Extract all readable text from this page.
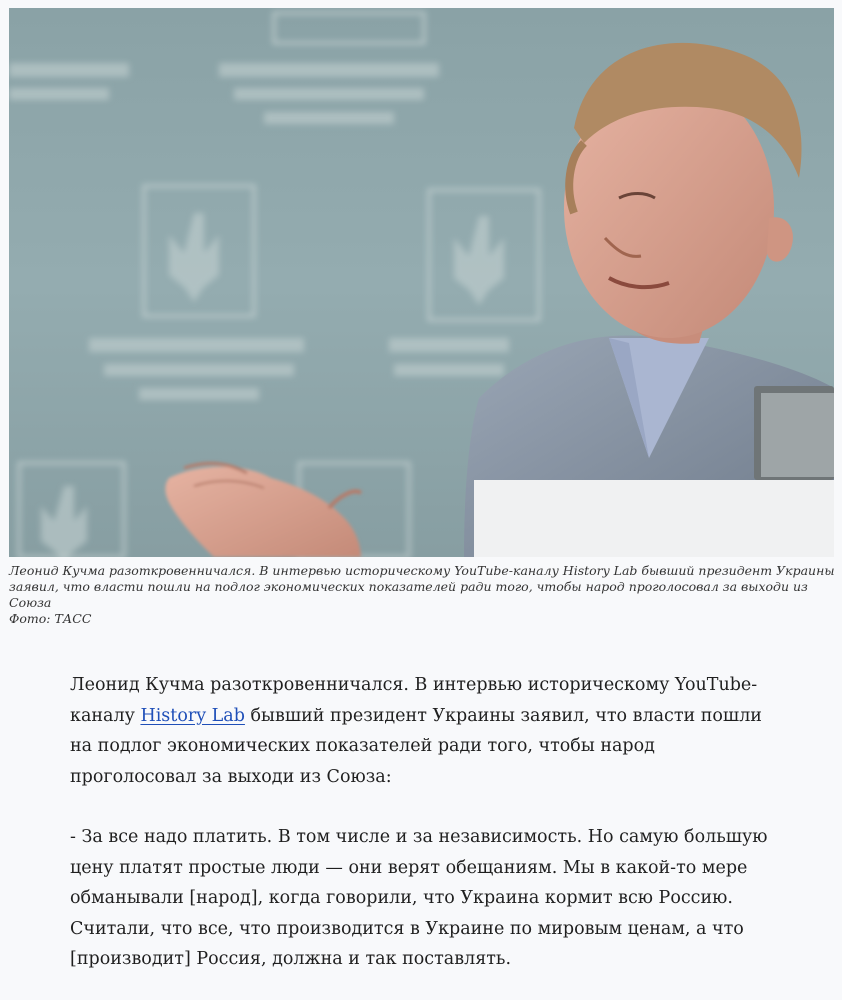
Леонид Кучма разоткровенничался. В интервью историческому YouTube-каналу History Lab бывший президент Украины заявил, что власти пошли на подлог экономических показателей ради того, чтобы народ проголосовал за выходи из Союза
Фото: ТАСС

Леонид Кучма разоткровенничался. В интервью историческому YouTube-каналу History Lab бывший президент Украины заявил, что власти пошли на подлог экономических показателей ради того, чтобы народ проголосовал за выходи из Союза:

- За все надо платить. В том числе и за независимость. Но самую большую цену платят простые люди — они верят обещаниям. Мы в какой-то мере обманывали [народ], когда говорили, что Украина кормит всю Россию. Считали, что все, что производится в Украине по мировым ценам, а что [производит] Россия, должна и так поставлять.
